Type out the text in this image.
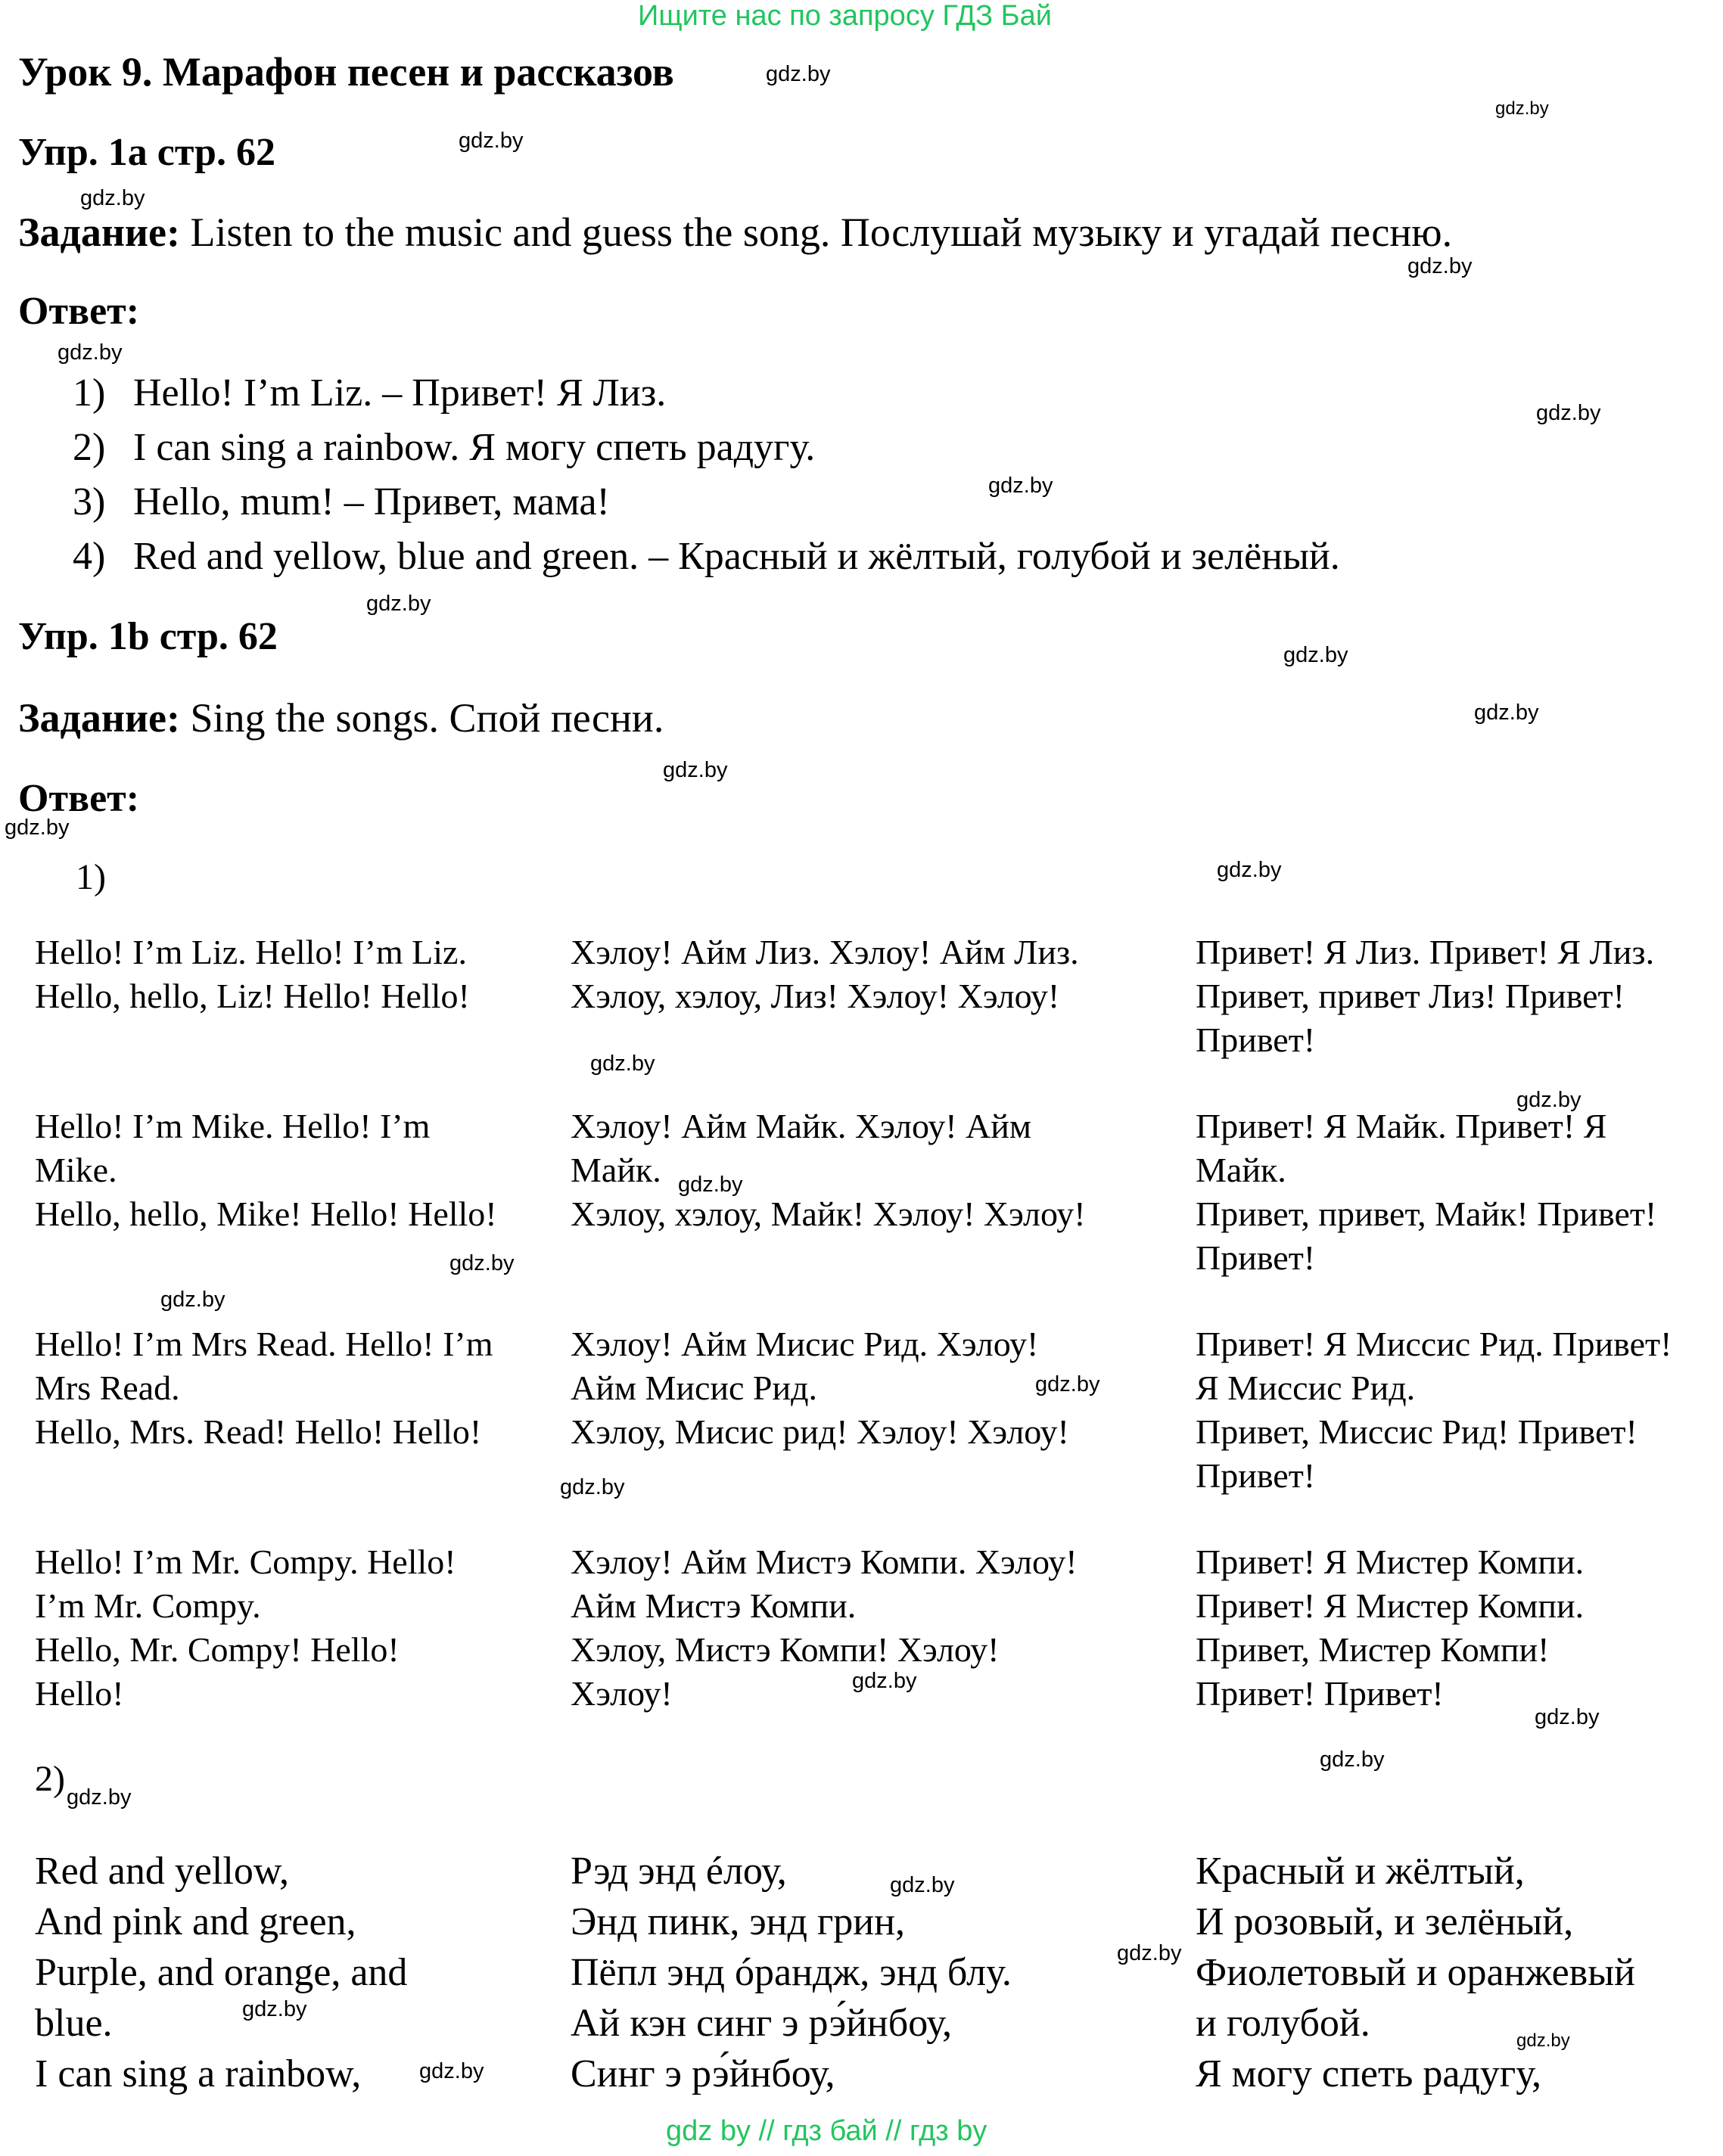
Ищите нас по запросу ГДЗ Бай
Урок 9. Марафон песен и рассказов
Упр. 1a стр. 62
Задание: Listen to the music and guess the song. Послушай музыку и угадай песню.
Ответ:
1) Hello! I’m Liz. – Привет! Я Лиз.
2) I can sing a rainbow. Я могу спеть радугу.
3) Hello, mum! – Привет, мама!
4) Red and yellow, blue and green. – Красный и жёлтый, голубой и зелёный.
Упр. 1b стр. 62
Задание: Sing the songs. Спой песни.
Ответ:
1)
Hello! I’m Liz. Hello! I’m Liz.
Hello, hello, Liz! Hello! Hello!
Хэлоу! Айм Лиз. Хэлоу! Айм Лиз.
Хэлоу, хэлоу, Лиз! Хэлоу! Хэлоу!
Привет! Я Лиз. Привет! Я Лиз.
Привет, привет Лиз! Привет!
Привет!
Hello! I’m Mike. Hello! I’m
Mike.
Hello, hello, Mike! Hello! Hello!
Хэлоу! Айм Майк. Хэлоу! Айм
Майк.
Хэлоу, хэлоу, Майк! Хэлоу! Хэлоу!
Привет! Я Майк. Привет! Я
Майк.
Привет, привет, Майк! Привет!
Привет!
Hello! I’m Mrs Read. Hello! I’m
Mrs Read.
Hello, Mrs. Read! Hello! Hello!
Хэлоу! Айм Мисис Рид. Хэлоу!
Айм Мисис Рид.
Хэлоу, Мисис рид! Хэлоу! Хэлоу!
Привет! Я Миссис Рид. Привет!
Я Миссис Рид.
Привет, Миссис Рид! Привет!
Привет!
Hello! I’m Mr. Compy. Hello!
I’m Mr. Compy.
Hello, Mr. Compy! Hello!
Hello!
Хэлоу! Айм Мистэ Компи. Хэлоу!
Айм Мистэ Компи.
Хэлоу, Мистэ Компи! Хэлоу!
Хэлоу!
Привет! Я Мистер Компи.
Привет! Я Мистер Компи.
Привет, Мистер Компи!
Привет! Привет!
2)
Red and yellow,
And pink and green,
Purple, and orange, and
blue.
I can sing a rainbow,
Рэд энд éлоу,
Энд пинк, энд грин,
Пёпл энд óрандж, энд блу.
Ай кэн синг э рэ́йнбоу,
Синг э рэ́йнбоу,
Красный и жёлтый,
И розовый, и зелёный,
Фиолетовый и оранжевый
и голубой.
Я могу спеть радугу,
gdz.by
gdz.by
gdz.by
gdz.by
gdz.by
gdz.by
gdz.by
gdz.by
gdz.by
gdz.by
gdz.by
gdz.by
gdz.by
gdz.by
gdz.by
gdz.by
gdz.by
gdz.by
gdz.by
gdz.by
gdz.by
gdz.by
gdz.by
gdz.by
gdz.by
gdz.by
gdz.by
gdz.by
gdz.by
gdz.by
gdz by // гдз бай // гдз by
